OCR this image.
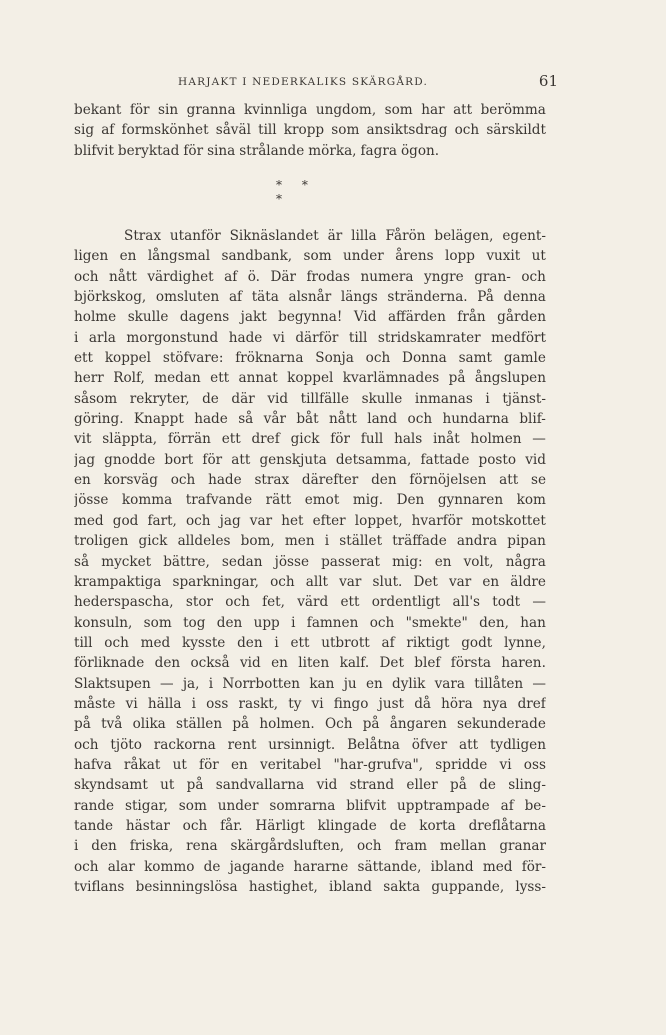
HARJAKT I NEDERKALIKS SKÄRGÅRD.	61
bekant för sin granna kvinnliga ungdom, som har att berömma
sig af formskönhet såväl till kropp som ansiktsdrag och särskildt
blifvit beryktad för sina strålande mörka, fagra ögon.
* * *
Strax utanför Siknäslandet är lilla Fårön belägen, egent-
ligen en långsmal sandbank, som under årens lopp vuxit ut
och nått värdighet af ö. Där frodas numera yngre gran- och
björkskog, omsluten af täta alsnår längs stränderna. På denna
holme skulle dagens jakt begynna! Vid affärden från gården
i arla morgonstund hade vi därför till stridskamrater medfört
ett koppel stöfvare: fröknarna Sonja och Donna samt gamle
herr Rolf, medan ett annat koppel kvarlämnades på ångslupen
såsom rekryter, de där vid tillfälle skulle inmanas i tjänst-
göring. Knappt hade så vår båt nått land och hundarna blif-
vit släppta, förrän ett dref gick för full hals inåt holmen —
jag gnodde bort för att genskjuta detsamma, fattade posto vid
en korsväg och hade strax därefter den förnöjelsen att se
jösse komma trafvande rätt emot mig. Den gynnaren kom
med god fart, och jag var het efter loppet, hvarför motskottet
troligen gick alldeles bom, men i stället träffade andra pipan
så mycket bättre, sedan jösse passerat mig: en volt, några
krampaktiga sparkningar, och allt var slut. Det var en äldre
hederspascha, stor och fet, värd ett ordentligt all's todt —
konsuln, som tog den upp i famnen och "smekte" den, han
till och med kysste den i ett utbrott af riktigt godt lynne,
förliknade den också vid en liten kalf. Det blef första haren.
Slaktsupen — ja, i Norrbotten kan ju en dylik vara tillåten —
måste vi hälla i oss raskt, ty vi fingo just då höra nya dref
på två olika ställen på holmen. Och på ångaren sekunderade
och tjöto rackorna rent ursinnigt. Belåtna öfver att tydligen
hafva råkat ut för en veritabel "har-grufva", spridde vi oss
skyndsamt ut på sandvallarna vid strand eller på de sling-
rande stigar, som under somrarna blifvit upptrampade af be-
tande hästar och får. Härligt klingade de korta dreflåtarna
i den friska, rena skärgårdsluften, och fram mellan granar
och alar kommo de jagande hararne sättande, ibland med för-
tviflans besinningslösa hastighet, ibland sakta guppande, lyss-
